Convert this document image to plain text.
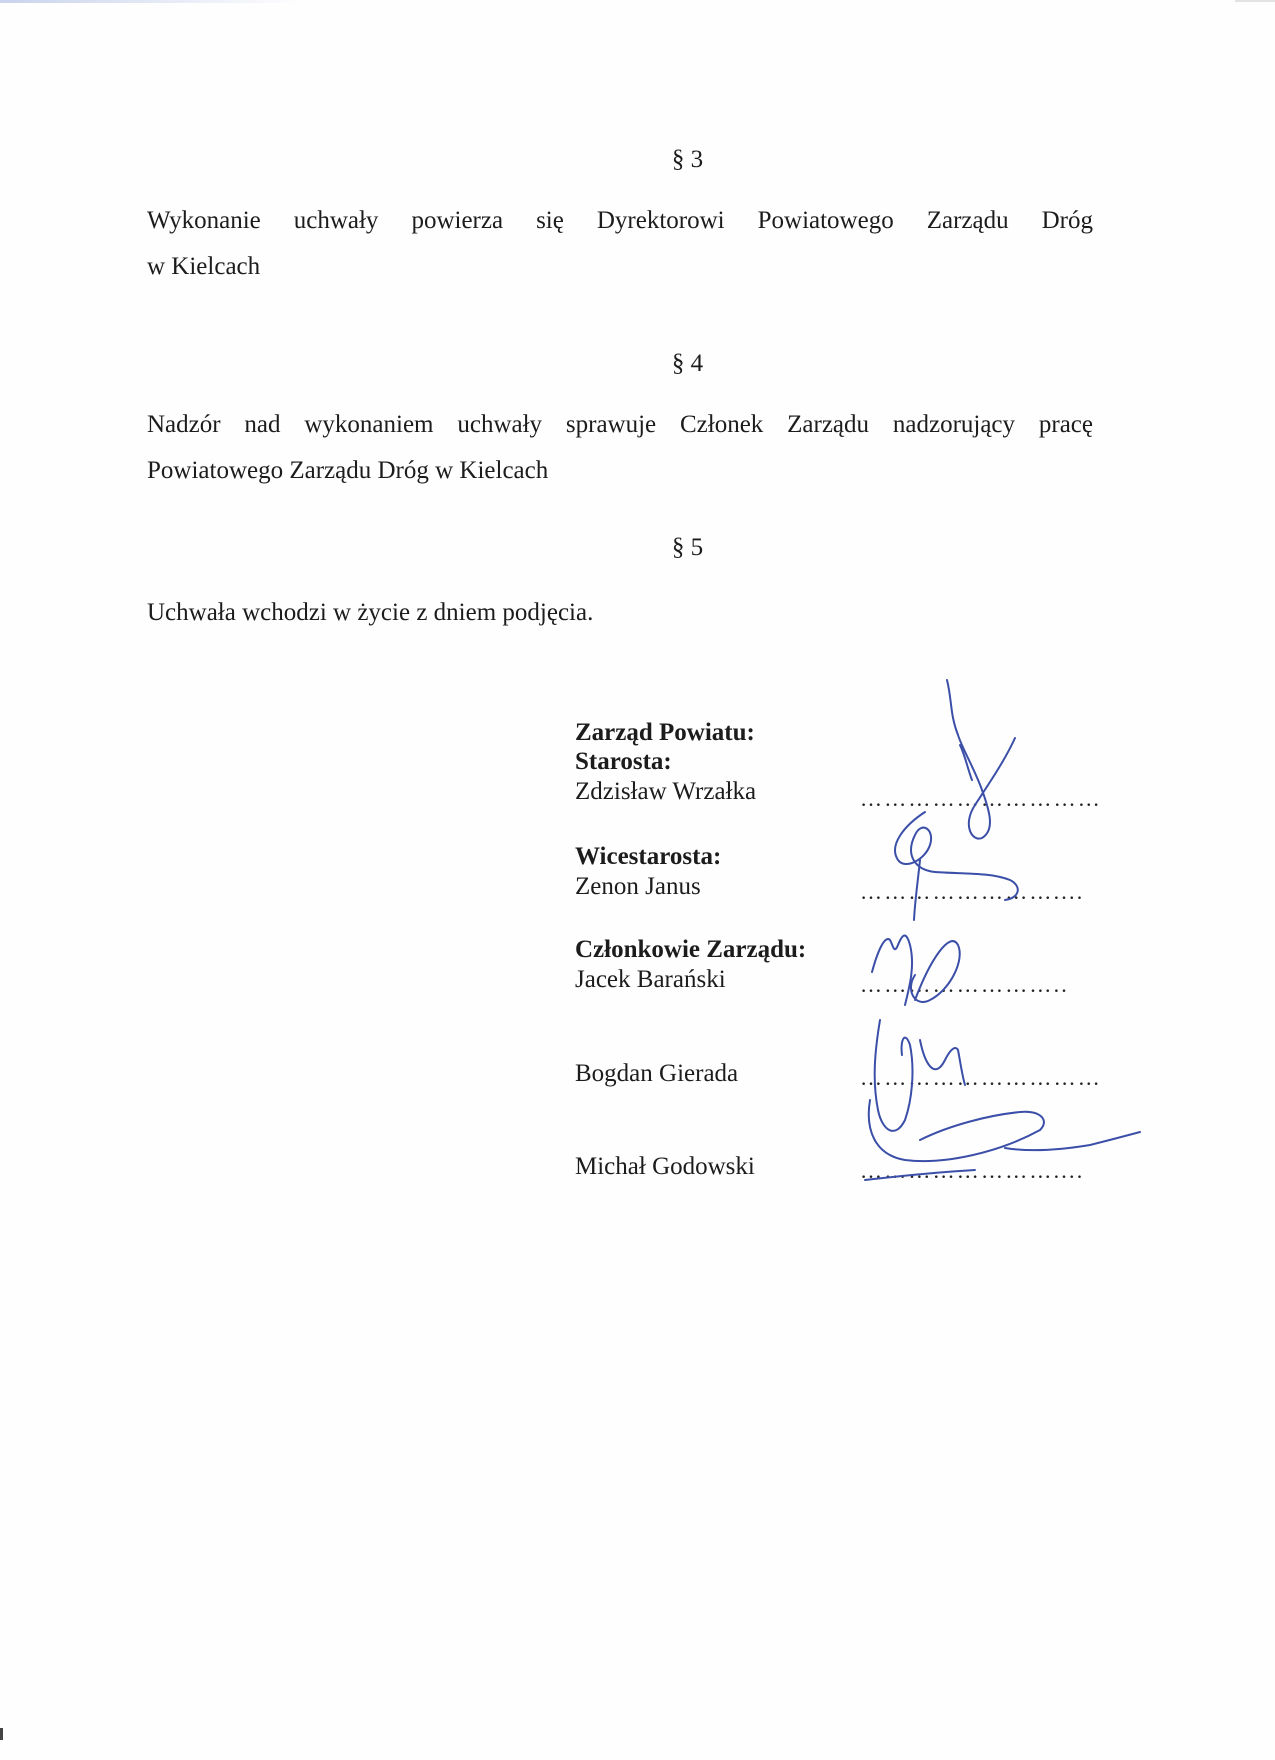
§ 3
Wykonanie uchwały powierza się Dyrektorowi Powiatowego Zarządu Dróg
w Kielcach
§ 4
Nadzór nad wykonaniem uchwały sprawuje Członek Zarządu nadzorujący pracę
Powiatowego Zarządu Dróg w Kielcach
§ 5
Uchwała wchodzi w życie z dniem podjęcia.
Zarząd Powiatu:
Starosta:
Zdzisław Wrzałka
Wicestarosta:
Zenon Janus
Członkowie Zarządu:
Jacek Barański
Bogdan Gierada
Michał Godowski
…………………………
……………………....
……………………..
…………………………
……………………....
